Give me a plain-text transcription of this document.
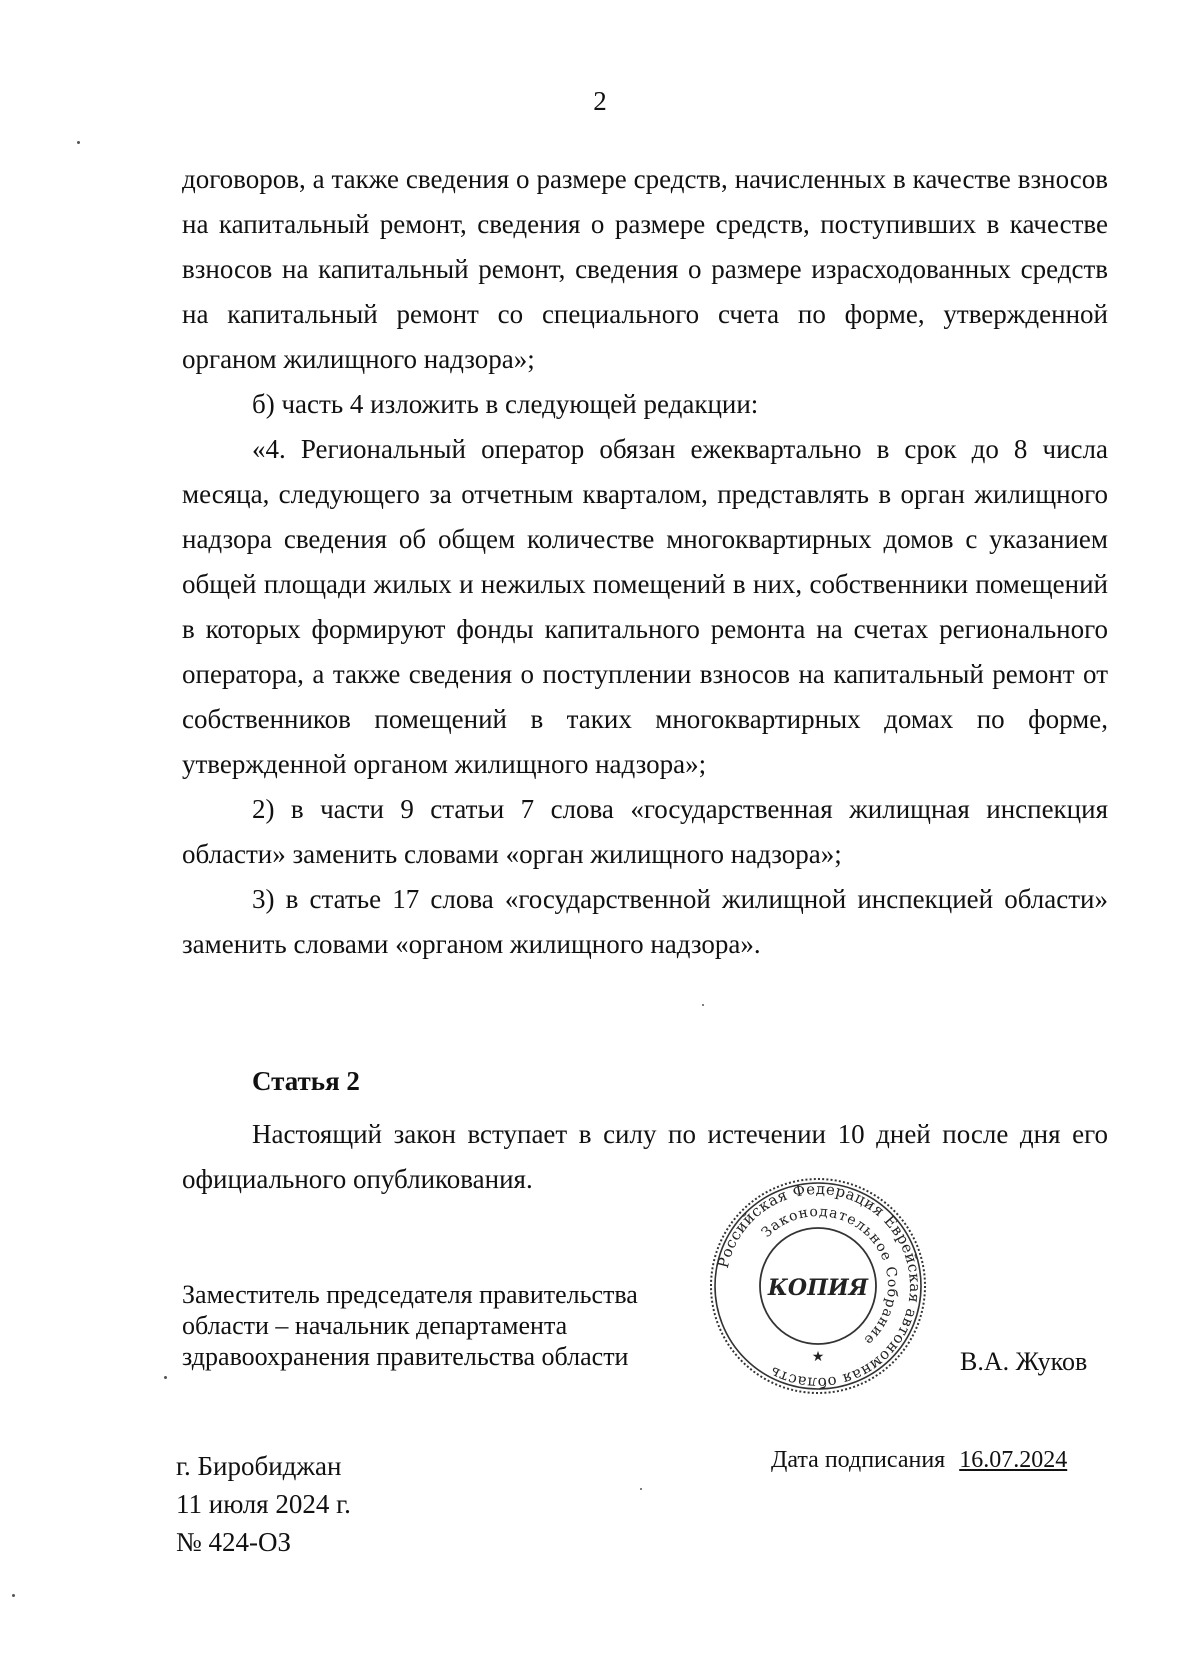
2

договоров, а также сведения о размере средств, начисленных в качестве взносов на капитальный ремонт, сведения о размере средств, поступивших в качестве взносов на капитальный ремонт, сведения о размере израсходованных средств на капитальный ремонт со специального счета по форме, утвержденной органом жилищного надзора»;

б) часть 4 изложить в следующей редакции:

«4. Региональный оператор обязан ежеквартально в срок до 8 числа месяца, следующего за отчетным кварталом, представлять в орган жилищного надзора сведения об общем количестве многоквартирных домов с указанием общей площади жилых и нежилых помещений в них, собственники помещений в которых формируют фонды капитального ремонта на счетах регионального оператора, а также сведения о поступлении взносов на капитальный ремонт от собственников помещений в таких многоквартирных домах по форме, утвержденной органом жилищного надзора»;

2) в части 9 статьи 7 слова «государственная жилищная инспекция области» заменить словами «орган жилищного надзора»;

3) в статье 17 слова «государственной жилищной инспекцией области» заменить словами «органом жилищного надзора».

Статья 2
Настоящий закон вступает в силу по истечении 10 дней после дня его официального опубликования.
Заместитель председателя правительства
области – начальник департамента
здравоохранения правительства области
Российская Федерация Еврейская автономная область
Законодательное Собрание
КОПИЯ
★	В.А. Жуков
г. Биробиджан
11 июля 2024 г.
№ 424-ОЗ
Дата подписания 16.07.2024
